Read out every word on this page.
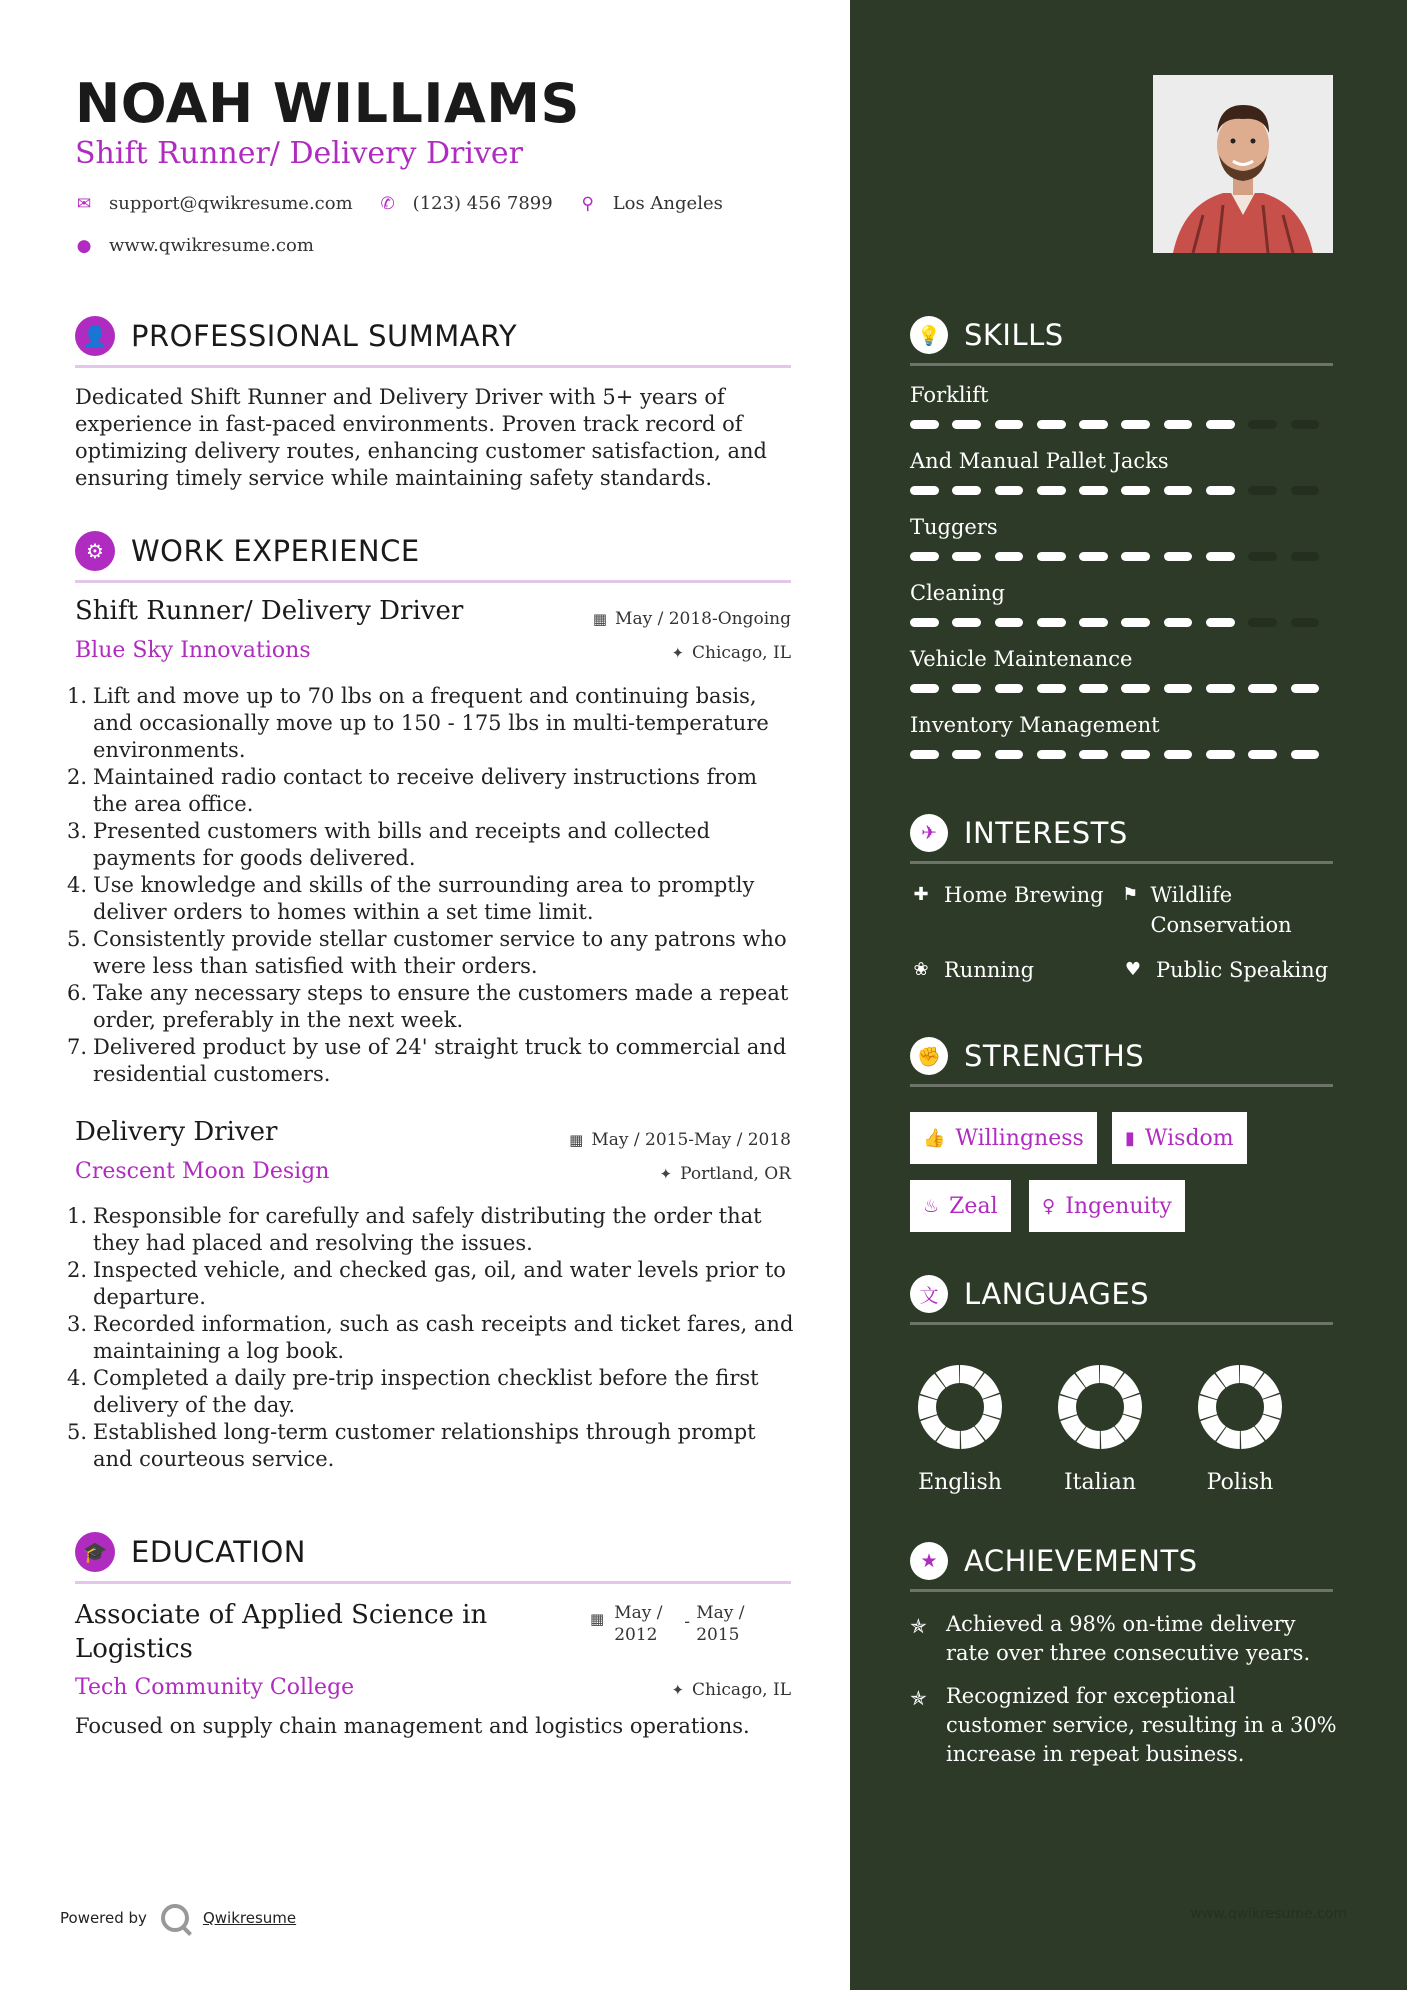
NOAH WILLIAMS
Shift Runner/ Delivery Driver
✉ support@qwikresume.com ✆ (123) 456 7899 ⚲ Los Angeles
● www.qwikresume.com
👤 PROFESSIONAL SUMMARY
Dedicated Shift Runner and Delivery Driver with 5+ years of experience in fast-paced environments. Proven track record of optimizing delivery routes, enhancing customer satisfaction, and ensuring timely service while maintaining safety standards.
⚙ WORK EXPERIENCE
Shift Runner/ Delivery Driver	▦ May / 2018-Ongoing
Blue Sky Innovations	✦ Chicago, IL
1. Lift and move up to 70 lbs on a frequent and continuing basis, and occasionally move up to 150 - 175 lbs in multi-temperature environments.
2. Maintained radio contact to receive delivery instructions from the area office.
3. Presented customers with bills and receipts and collected payments for goods delivered.
4. Use knowledge and skills of the surrounding area to promptly deliver orders to homes within a set time limit.
5. Consistently provide stellar customer service to any patrons who were less than satisfied with their orders.
6. Take any necessary steps to ensure the customers made a repeat order, preferably in the next week.
7. Delivered product by use of 24' straight truck to commercial and residential customers.
Delivery Driver	▦ May / 2015-May / 2018
Crescent Moon Design	✦ Portland, OR
1. Responsible for carefully and safely distributing the order that they had placed and resolving the issues.
2. Inspected vehicle, and checked gas, oil, and water levels prior to departure.
3. Recorded information, such as cash receipts and ticket fares, and maintaining a log book.
4. Completed a daily pre-trip inspection checklist before the first delivery of the day.
5. Established long-term customer relationships through prompt and courteous service.
🎓 EDUCATION
Associate of Applied Science in Logistics
▦ May / 2012
- May / 2015
Tech Community College	✦ Chicago, IL
Focused on supply chain management and logistics operations.
Powered by	Qwikresume
💡 SKILLS
Forklift
And Manual Pallet Jacks
Tuggers
Cleaning
Vehicle Maintenance
Inventory Management
✈ INTERESTS
✚ Home Brewing ⚑ Wildlife Conservation
❀ Running	♥ Public Speaking
✊ STRENGTHS
👍 Willingness ▮ Wisdom
♨ Zeal ♀ Ingenuity
文 LANGUAGES
English	Italian	Polish
★ ACHIEVEMENTS
✯ Achieved a 98% on-time delivery rate over three consecutive years.
✯ Recognized for exceptional customer service, resulting in a 30% increase in repeat business.
www.qwikresume.com
